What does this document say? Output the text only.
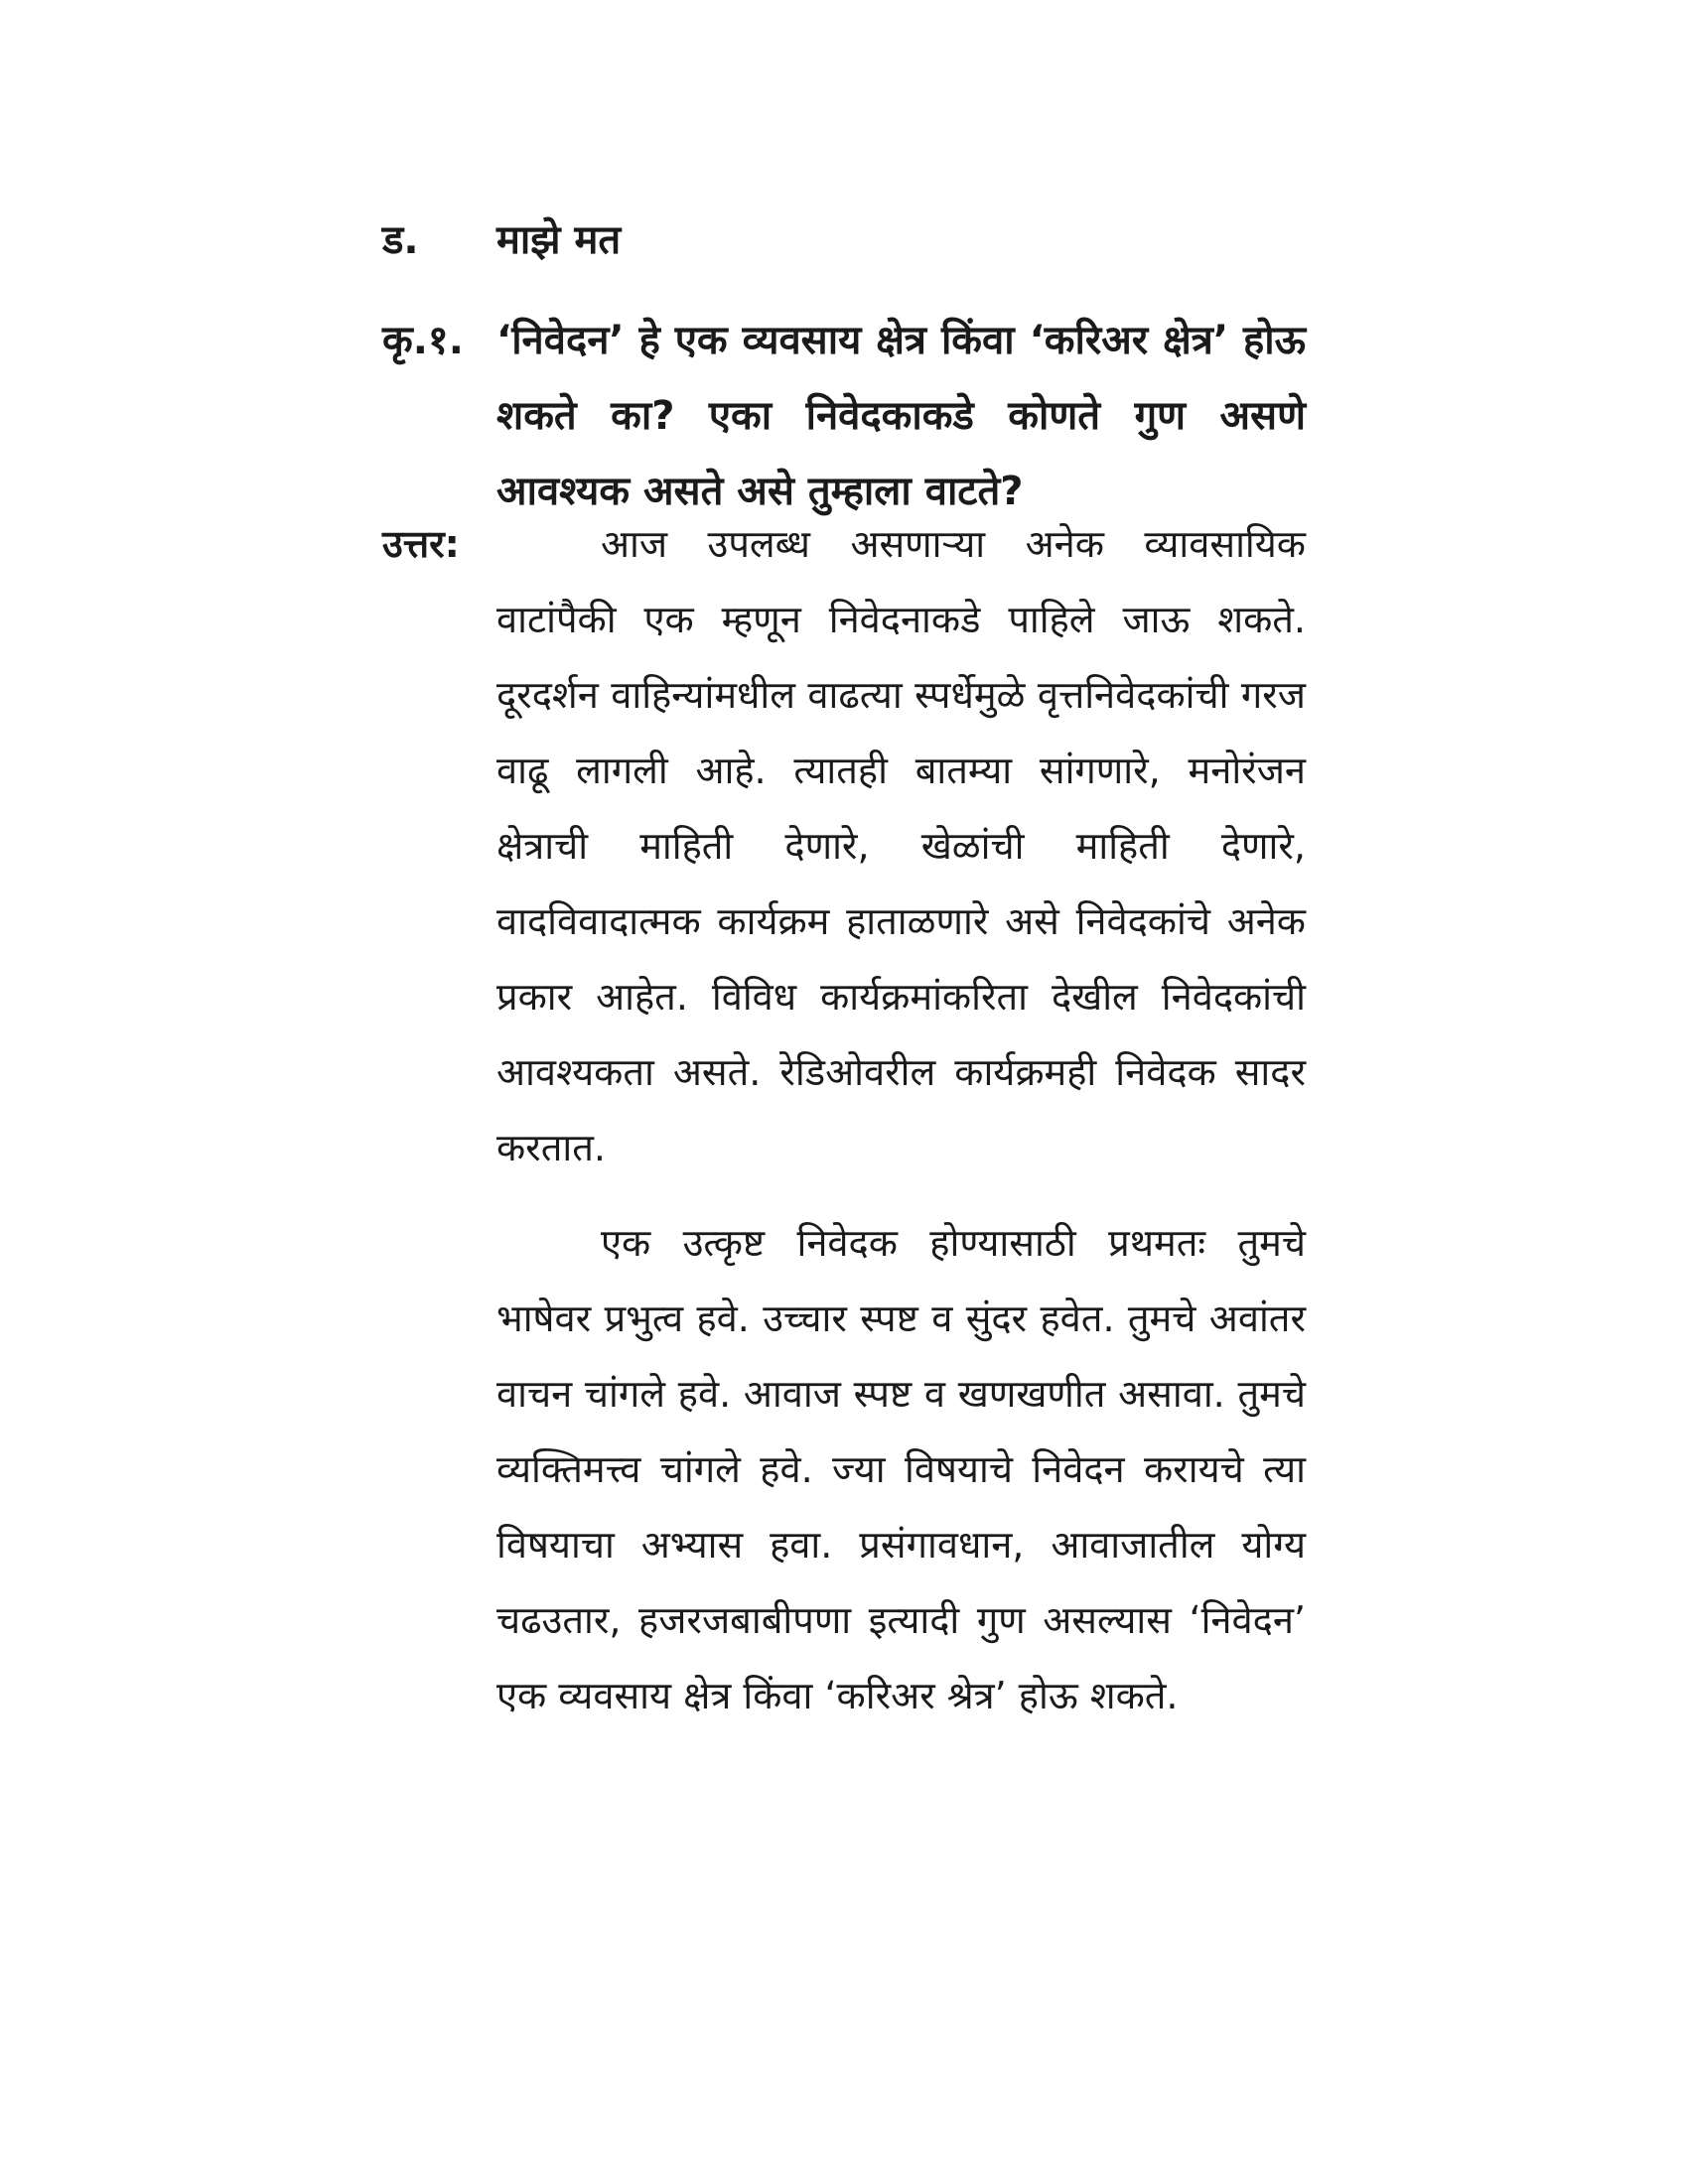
ड. माझे मत
कृ.१. ‘निवेदन’ हे एक व्यवसाय क्षेत्र किंवा ‘करिअर क्षेत्र’ होऊ शकते का? एका निवेदकाकडे कोणते गुण असणे आवश्यक असते असे तुम्हाला वाटते?
उत्तर:	आज उपलब्ध असणाऱ्या अनेक व्यावसायिक वाटांपैकी एक म्हणून निवेदनाकडे पाहिले जाऊ शकते. दूरदर्शन वाहिन्यांमधील वाढत्या स्पर्धेमुळे वृत्तनिवेदकांची गरज वाढू लागली आहे. त्यातही बातम्या सांगणारे, मनोरंजन क्षेत्राची माहिती देणारे, खेळांची माहिती देणारे, वादविवादात्मक कार्यक्रम हाताळणारे असे निवेदकांचे अनेक प्रकार आहेत. विविध कार्यक्रमांकरिता देखील निवेदकांची आवश्यकता असते. रेडिओवरील कार्यक्रमही निवेदक सादर करतात.

एक उत्कृष्ट निवेदक होण्यासाठी प्रथमतः तुमचे भाषेवर प्रभुत्व हवे. उच्चार स्पष्ट व सुंदर हवेत. तुमचे अवांतर वाचन चांगले हवे. आवाज स्पष्ट व खणखणीत असावा. तुमचे व्यक्तिमत्त्व चांगले हवे. ज्या विषयाचे निवेदन करायचे त्या विषयाचा अभ्यास हवा. प्रसंगावधान, आवाजातील योग्य चढउतार, हजरजबाबीपणा इत्यादी गुण असल्यास ‘निवेदन’ एक व्यवसाय क्षेत्र किंवा ‘करिअर श्रेत्र’ होऊ शकते.
